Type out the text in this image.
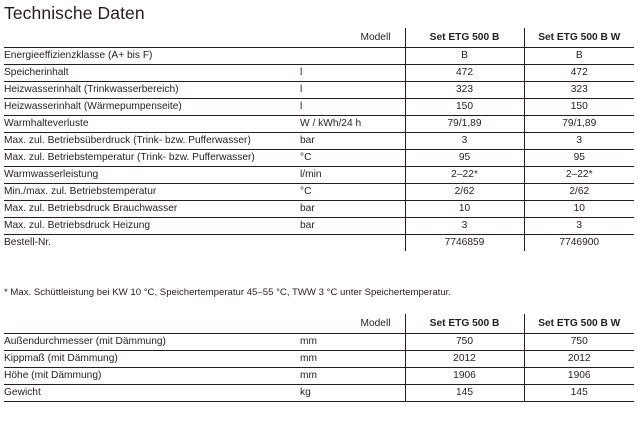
Technische Daten
	Modell	Set ETG 500 B	Set ETG 500 B W
Energieeffizienzklasse (A+ bis F)		B	B
Speicherinhalt	l	472	472
Heizwasserinhalt (Trinkwasserbereich)	l	323	323
Heizwasserinhalt (Wärmepumpenseite)	l	150	150
Warmhalteverluste	W / kWh/24 h	79/1,89	79/1,89
Max. zul. Betriebsüberdruck (Trink- bzw. Pufferwasser)	bar	3	3
Max. zul. Betriebstemperatur (Trink- bzw. Pufferwasser)	°C	95	95
Warmwasserleistung	l/min	2–22*	2–22*
Min./max. zul. Betriebstemperatur	°C	2/62	2/62
Max. zul. Betriebsdruck Brauchwasser	bar	10	10
Max. zul. Betriebsdruck Heizung	bar	3	3
Bestell-Nr.		7746859	7746900
* Max. Schüttleistung bei KW 10 °C, Speichertemperatur 45–55 °C, TWW 3 °C unter Speichertemperatur.
	Modell	Set ETG 500 B	Set ETG 500 B W
Außendurchmesser (mit Dämmung)	mm	750	750
Kippmaß (mit Dämmung)	mm	2012	2012
Höhe (mit Dämmung)	mm	1906	1906
Gewicht	kg	145	145
